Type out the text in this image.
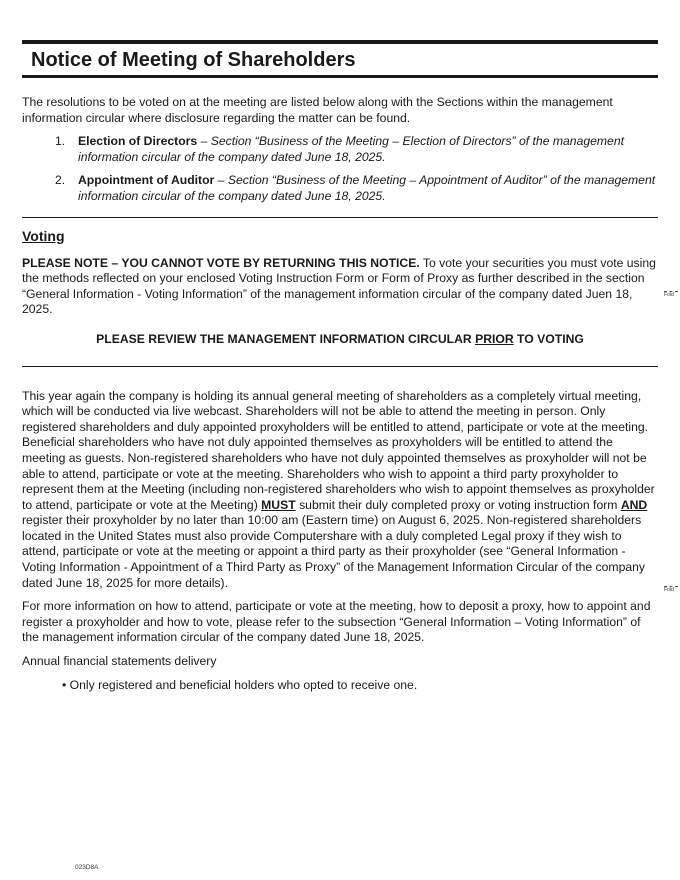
Notice of Meeting of Shareholders

The resolutions to be voted on at the meeting are listed below along with the Sections within the management information circular where disclosure regarding the matter can be found.

1. Election of Directors – Section “Business of the Meeting – Election of Directors” of the management information circular of the company dated June 18, 2025.
2. Appointment of Auditor – Section “Business of the Meeting – Appointment of Auditor” of the management information circular of the company dated June 18, 2025.
Voting

PLEASE NOTE – YOU CANNOT VOTE BY RETURNING THIS NOTICE. To vote your securities you must vote using the methods reflected on your enclosed Voting Instruction Form or Form of Proxy as further described in the section “General Information - Voting Information” of the management information circular of the company dated Juen 18, 2025.

PLEASE REVIEW THE MANAGEMENT INFORMATION CIRCULAR PRIOR TO VOTING

This year again the company is holding its annual general meeting of shareholders as a completely virtual meeting, which will be conducted via live webcast. Shareholders will not be able to attend the meeting in person. Only registered shareholders and duly appointed proxyholders will be entitled to attend, participate or vote at the meeting. Beneficial shareholders who have not duly appointed themselves as proxyholders will be entitled to attend the meeting as guests. Non-registered shareholders who have not duly appointed themselves as proxyholder will not be able to attend, participate or vote at the meeting. Shareholders who wish to appoint a third party proxyholder to represent them at the Meeting (including non-registered shareholders who wish to appoint themselves as proxyholder to attend, participate or vote at the Meeting) MUST submit their duly completed proxy or voting instruction form AND register their proxyholder by no later than 10:00 am (Eastern time) on August 6, 2025. Non-registered shareholders located in the United States must also provide Computershare with a duly completed Legal proxy if they wish to attend, participate or vote at the meeting or appoint a third party as their proxyholder (see “General Information - Voting Information - Appointment of a Third Party as Proxy” of the Management Information Circular of the company dated June 18, 2025 for more details).

For more information on how to attend, participate or vote at the meeting, how to deposit a proxy, how to appoint and register a proxyholder and how to vote, please refer to the subsection “General Information – Voting Information” of the management information circular of the company dated June 18, 2025.

Annual financial statements delivery

• Only registered and beneficial holders who opted to receive one.

Fold
Fold
023D8A
